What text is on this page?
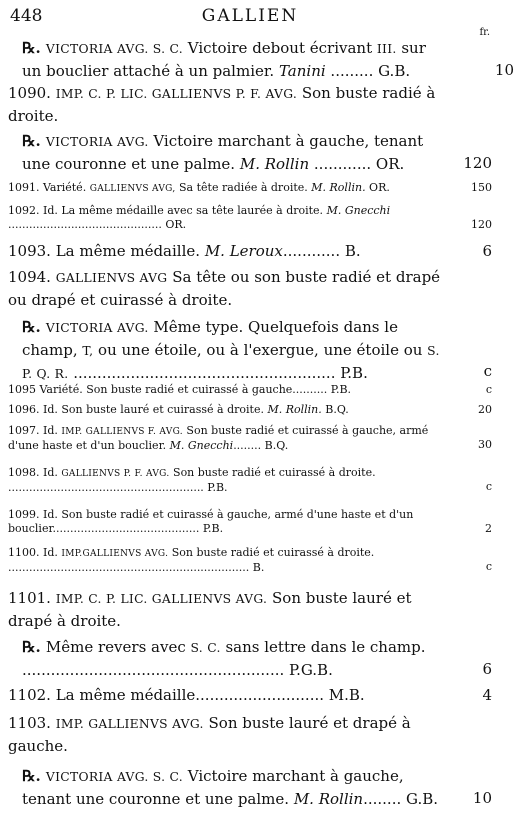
448	GALLIEN
fr.
℞. VICTORIA AVG. S. C. Victoire debout écrivant III. sur un bouclier attaché à un palmier. Tanini ......... G.B.	10
1090. IMP. C. P. LIC. GALLIENVS P. F. AVG. Son buste radié à droite.
℞. VICTORIA AVG. Victoire marchant à gauche, tenant une couronne et une palme. M. Rollin ............ OR.	120
1091. Variété. GALLIENVS AVG, Sa tête radiée à droite. M. Rollin. OR.	150
1092. Id. La même médaille avec sa tête laurée à droite. M. Gnecchi ............................................ OR.	120
1093. La même médaille. M. Leroux............ B.	6
1094. GALLIENVS AVG Sa tête ou son buste radié et drapé ou drapé et cuirassé à droite.
℞. VICTORIA AVG. Même type. Quelquefois dans le champ, T, ou une étoile, ou à l'exergue, une étoile ou S. P. Q. R. ....................................................... P.B.	c
1095 Variété. Son buste radié et cuirassé à gauche.......... P.B.	c
1096. Id. Son buste lauré et cuirassé à droite. M. Rollin. B.Q.	20
1097. Id. IMP. GALLIENVS F. AVG. Son buste radié et cuirassé à gauche, armé d'une haste et d'un bouclier. M. Gnecchi........ B.Q.	30
1098. Id. GALLIENVS P. F. AVG. Son buste radié et cuirassé à droite. ........................................................ P.B.	c
1099. Id. Son buste radié et cuirassé à gauche, armé d'une haste et d'un bouclier.......................................... P.B.	2
1100. Id. IMP.GALLIENVS AVG. Son buste radié et cuirassé à droite. ..................................................................... B.	c
1101. IMP. C. P. LIC. GALLIENVS AVG. Son buste lauré et drapé à droite.
℞. Même revers avec S. C. sans lettre dans le champ. ....................................................... P.G.B.	6
1102. La même médaille........................... M.B.	4
1103. IMP. GALLIENVS AVG. Son buste lauré et drapé à gauche.
℞. VICTORIA AVG. S. C. Victoire marchant à gauche, tenant une couronne et une palme. M. Rollin........ G.B.	10
